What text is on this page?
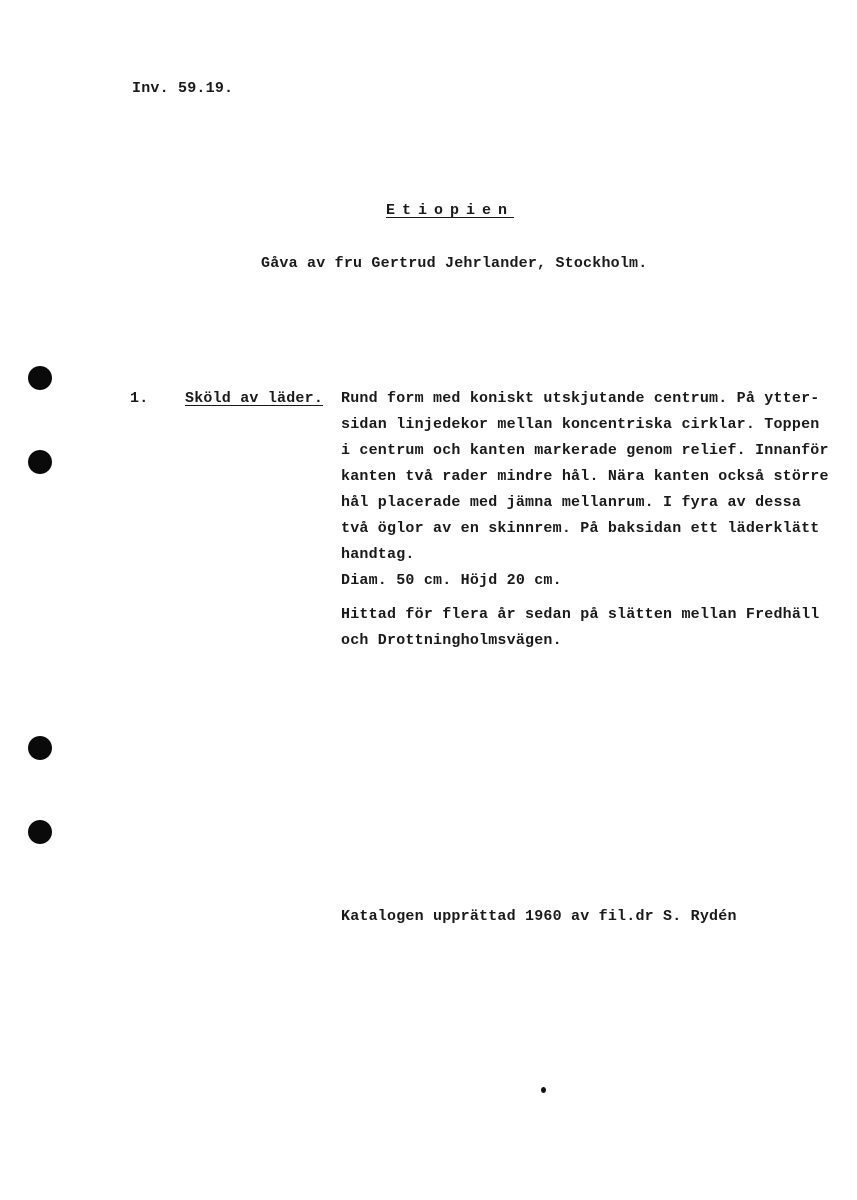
Inv. 59.19.
Etiopien
Gåva av fru Gertrud Jehrlander, Stockholm.
1. Sköld av läder. Rund form med koniskt utskjutande centrum. På ytter-
sidan linjedekor mellan koncentriska cirklar. Toppen
i centrum och kanten markerade genom relief. Innanför
kanten två rader mindre hål. Nära kanten också större
hål placerade med jämna mellanrum. I fyra av dessa
två öglor av en skinnrem. På baksidan ett läderklätt
handtag.
Diam. 50 cm. Höjd 20 cm.
Hittad för flera år sedan på slätten mellan Fredhäll
och Drottningholmsvägen.
Katalogen upprättad 1960 av fil.dr S. Rydén
